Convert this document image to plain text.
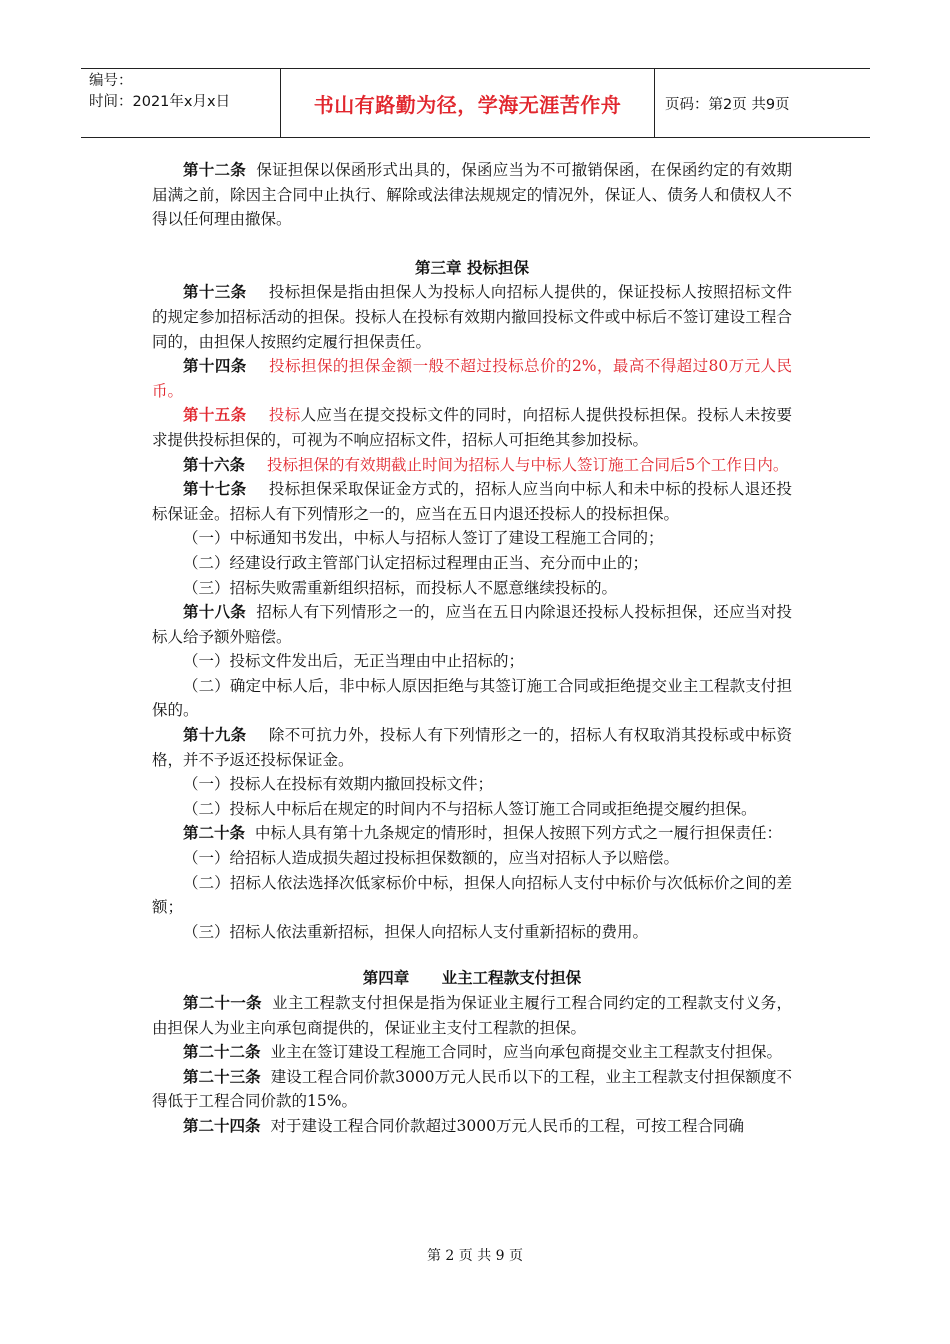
编号：
时间：2021年x月x日	书山有路勤为径，学海无涯苦作舟	页码：第2页 共9页

第十二条 保证担保以保函形式出具的，保函应当为不可撤销保函，在保函约定的有效期届满之前，除因主合同中止执行、解除或法律法规规定的情况外，保证人、债务人和债权人不得以任何理由撤保。

第三章 投标担保

第十三条 投标担保是指由担保人为投标人向招标人提供的，保证投标人按照招标文件的规定参加招标活动的担保。投标人在投标有效期内撤回投标文件或中标后不签订建设工程合同的，由担保人按照约定履行担保责任。

第十四条 投标担保的担保金额一般不超过投标总价的2%，最高不得超过80万元人民币。

第十五条 投标人应当在提交投标文件的同时，向招标人提供投标担保。投标人未按要求提供投标担保的，可视为不响应招标文件，招标人可拒绝其参加投标。

第十六条 投标担保的有效期截止时间为招标人与中标人签订施工合同后5个工作日内。

第十七条 投标担保采取保证金方式的，招标人应当向中标人和未中标的投标人退还投标保证金。招标人有下列情形之一的，应当在五日内退还投标人的投标担保。

（一）中标通知书发出，中标人与招标人签订了建设工程施工合同的；

（二）经建设行政主管部门认定招标过程理由正当、充分而中止的；

（三）招标失败需重新组织招标，而投标人不愿意继续投标的。

第十八条 招标人有下列情形之一的，应当在五日内除退还投标人投标担保，还应当对投标人给予额外赔偿。

（一）投标文件发出后，无正当理由中止招标的；

（二）确定中标人后，非中标人原因拒绝与其签订施工合同或拒绝提交业主工程款支付担保的。

第十九条 除不可抗力外，投标人有下列情形之一的，招标人有权取消其投标或中标资格，并不予返还投标保证金。

（一）投标人在投标有效期内撤回投标文件；

（二）投标人中标后在规定的时间内不与招标人签订施工合同或拒绝提交履约担保。

第二十条 中标人具有第十九条规定的情形时，担保人按照下列方式之一履行担保责任：

（一）给招标人造成损失超过投标担保数额的，应当对招标人予以赔偿。

（二）招标人依法选择次低家标价中标，担保人向招标人支付中标价与次低标价之间的差额；

（三）招标人依法重新招标，担保人向招标人支付重新招标的费用。

第四章      业主工程款支付担保

第二十一条 业主工程款支付担保是指为保证业主履行工程合同约定的工程款支付义务，由担保人为业主向承包商提供的，保证业主支付工程款的担保。

第二十二条 业主在签订建设工程施工合同时，应当向承包商提交业主工程款支付担保。

第二十三条 建设工程合同价款3000万元人民币以下的工程，业主工程款支付担保额度不得低于工程合同价款的15%。

第二十四条 对于建设工程合同价款超过3000万元人民币的工程，可按工程合同确

第 2 页 共 9 页
